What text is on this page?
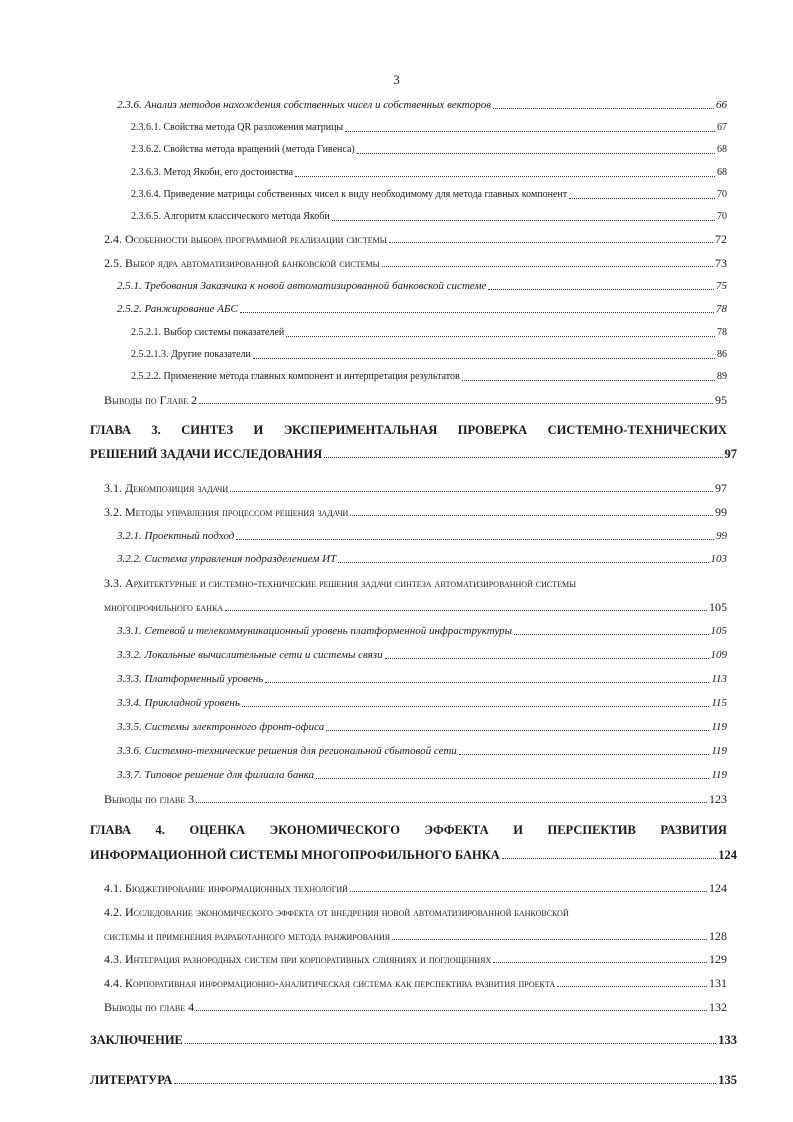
3
2.3.6. Анализ методов нахождения собственных чисел и собственных векторов	66
2.3.6.1. Свойства метода QR разложения матрицы	67
2.3.6.2. Свойства метода вращений (метода Гивенса)	68
2.3.6.3. Метод Якоби, его достоинства	68
2.3.6.4. Приведение матрицы собственных чисел к виду необходимому для метода главных компонент	70
2.3.6.5. Алгоритм классического метода Якоби	70
2.4. Особенности выбора программной реализации системы	72
2.5. Выбор ядра автоматизированной банковской системы	73
2.5.1. Требования Заказчика к новой автоматизированной банковской системе	75
2.5.2. Ранжирование АБС	78
2.5.2.1. Выбор системы показателей	78
2.5.2.1.3. Другие показатели	86
2.5.2.2. Применение метода главных компонент и интерпретация результатов	89
Выводы по Главе 2	95
ГЛАВА 3. СИНТЕЗ И ЭКСПЕРИМЕНТАЛЬНАЯ ПРОВЕРКА СИСТЕМНО-ТЕХНИЧЕСКИХ
РЕШЕНИЙ ЗАДАЧИ ИССЛЕДОВАНИЯ	97
3.1. Декомпозиция задачи	97
3.2. Методы управления процессом решения задачи	99
3.2.1. Проектный подход	99
3.2.2. Система управления подразделением ИТ	103
3.3. Архитектурные и системно-технические решения задачи синтеза автоматизированной системы
многопрофильного банка	105
3.3.1. Сетевой и телекоммуникационный уровень платформенной инфраструктуры	105
3.3.2. Локальные вычислительные сети и системы связи	109
3.3.3. Платформенный уровень	113
3.3.4. Прикладной уровень	115
3.3.5. Системы электронного фронт-офиса	119
3.3.6. Системно-технические решения для региональной сбытовой сети	119
3.3.7. Типовое решение для филиала банка	119
Выводы по главе 3	123
ГЛАВА 4. ОЦЕНКА ЭКОНОМИЧЕСКОГО ЭФФЕКТА И ПЕРСПЕКТИВ РАЗВИТИЯ
ИНФОРМАЦИОННОЙ СИСТЕМЫ МНОГОПРОФИЛЬНОГО БАНКА	124
4.1. Бюджетирование информационных технологий	124
4.2. Исследование экономического эффекта от внедрения новой автоматизированной банковской
системы и применения разработанного метода ранжирования	128
4.3. Интеграция разнородных систем при корпоративных слияниях и поглощениях	129
4.4. Корпоративная информационно-аналитическая система как перспектива развития проекта	131
Выводы по главе 4	132
ЗАКЛЮЧЕНИЕ	133
ЛИТЕРАТУРА	135
